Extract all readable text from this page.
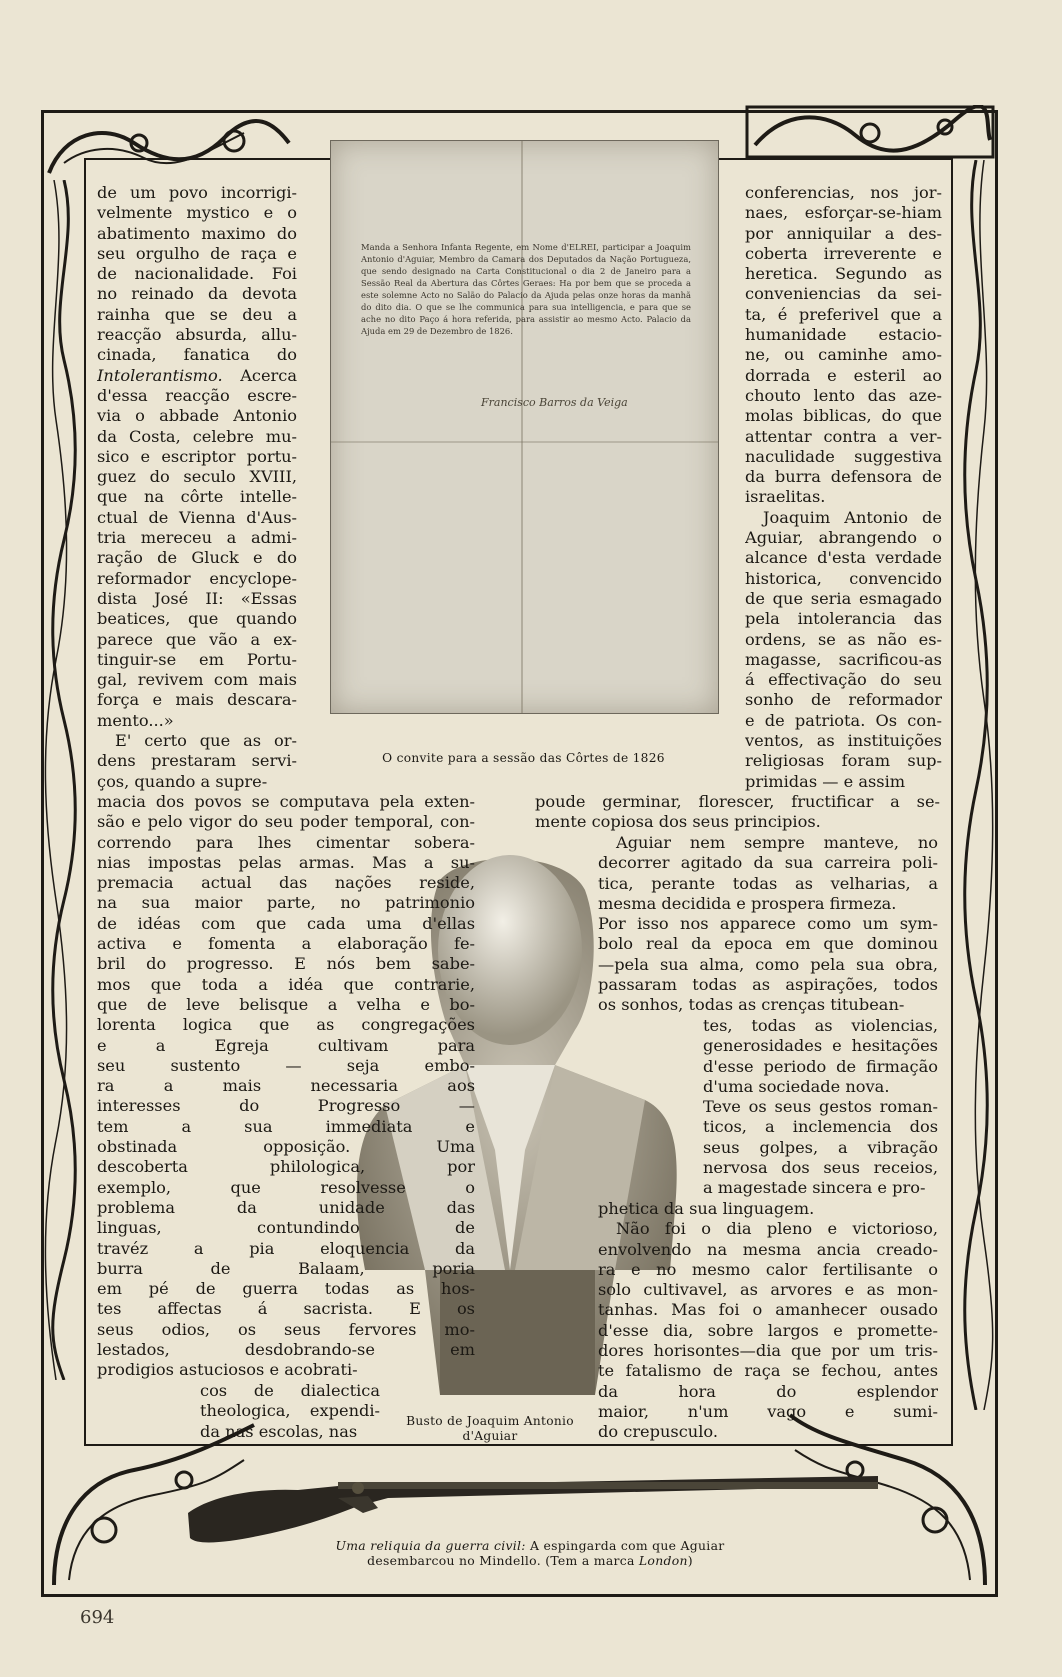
Manda a Senhora Infanta Regente, em Nome d'ELREI, participar a Joaquim Antonio d'Aguiar, Membro da Camara dos Deputados da Nação Portugueza, que sendo designado na Carta Constitucional o dia 2 de Janeiro para a Sessão Real da Abertura das Côrtes Geraes: Ha por bem que se proceda a este solemne Acto no Salão do Palacio da Ajuda pelas onze horas da manhã do dito dia. O que se lhe communica para sua intelligencia, e para que se ache no dito Paço á hora referida, para assistir ao mesmo Acto. Palacio da Ajuda em 29 de Dezembro de 1826.
Francisco Barros da Veiga
O convite para a sessão das Côrtes de 1826
Busto de Joaquim Antonio
d'Aguiar
Uma reliquia da guerra civil: A espingarda com que Aguiar
desembarcou no Mindello. (Tem a marca London)
de um povo incorrigi-
velmente mystico e o
abatimento maximo do
seu orgulho de raça e
de nacionalidade. Foi
no reinado da devota
rainha que se deu a
reacção absurda, allu-
cinada, fanatica do
Intolerantismo. Acerca
d'essa reacção escre-
via o abbade Antonio
da Costa, celebre mu-
sico e escriptor portu-
guez do seculo XVIII,
que na côrte intelle-
ctual de Vienna d'Aus-
tria mereceu a admi-
ração de Gluck e do
reformador encyclope-
dista José II: «Essas
beatices, que quando
parece que vão a ex-
tinguir-se em Portu-
gal, revivem com mais
força e mais descara-
mento...»
E' certo que as or-
dens prestaram servi-
ços, quando a supre-
macia dos povos se computava pela exten-
são e pelo vigor do seu poder temporal, con-
correndo para lhes cimentar sobera-
nias impostas pelas armas. Mas a su-
premacia actual das nações reside,
na sua maior parte, no patrimonio
de idéas com que cada uma d'ellas
activa e fomenta a elaboração fe-
bril do progresso. E nós bem sabe-
mos que toda a idéa que contrarie,
que de leve belisque a velha e bo-
lorenta logica que as congregações
e a Egreja cultivam para
seu sustento — seja embo-
ra a mais necessaria aos
interesses do Progresso —
tem a sua immediata e
obstinada opposição. Uma
descoberta philologica, por
exemplo, que resolvesse o
problema da unidade das
linguas, contundindo de
travéz a pia eloquencia da
burra de Balaam, poria
em pé de guerra todas as hos-
tes affectas á sacrista. E os
seus odios, os seus fervores mo-
lestados, desdobrando-se em
prodigios astuciosos e acobrati-
cos de dialectica
theologica, expendi-
da nas escolas, nas
conferencias, nos jor-
naes, esforçar-se-hiam
por anniquilar a des-
coberta irreverente e
heretica. Segundo as
conveniencias da sei-
ta, é preferivel que a
humanidade estacio-
ne, ou caminhe amo-
dorrada e esteril ao
chouto lento das aze-
molas biblicas, do que
attentar contra a ver-
naculidade suggestiva
da burra defensora de
israelitas.
Joaquim Antonio de
Aguiar, abrangendo o
alcance d'esta verdade
historica, convencido
de que seria esmagado
pela intolerancia das
ordens, se as não es-
magasse, sacrificou-as
á effectivação do seu
sonho de reformador
e de patriota. Os con-
ventos, as instituições
religiosas foram sup-
primidas — e assim
poude germinar, florescer, fructificar a se-
mente copiosa dos seus principios.
Aguiar nem sempre manteve, no
decorrer agitado da sua carreira poli-
tica, perante todas as velharias, a
mesma decidida e prospera firmeza.
Por isso nos apparece como um sym-
bolo real da epoca em que dominou
—pela sua alma, como pela sua obra,
passaram todas as aspirações, todos
os sonhos, todas as crenças titubean-
tes, todas as violencias,
generosidades e hesitações
d'esse periodo de firmação
d'uma sociedade nova.
Teve os seus gestos roman-
ticos, a inclemencia dos
seus golpes, a vibração
nervosa dos seus receios,
a magestade sincera e pro-
phetica da sua linguagem.
Não foi o dia pleno e victorioso,
envolvendo na mesma ancia creado-
ra e no mesmo calor fertilisante o
solo cultivavel, as arvores e as mon-
tanhas. Mas foi o amanhecer ousado
d'esse dia, sobre largos e promette-
dores horisontes—dia que por um tris-
te fatalismo de raça se fechou, antes
da hora do esplendor
maior, n'um vago e sumi-
do crepusculo.
694
